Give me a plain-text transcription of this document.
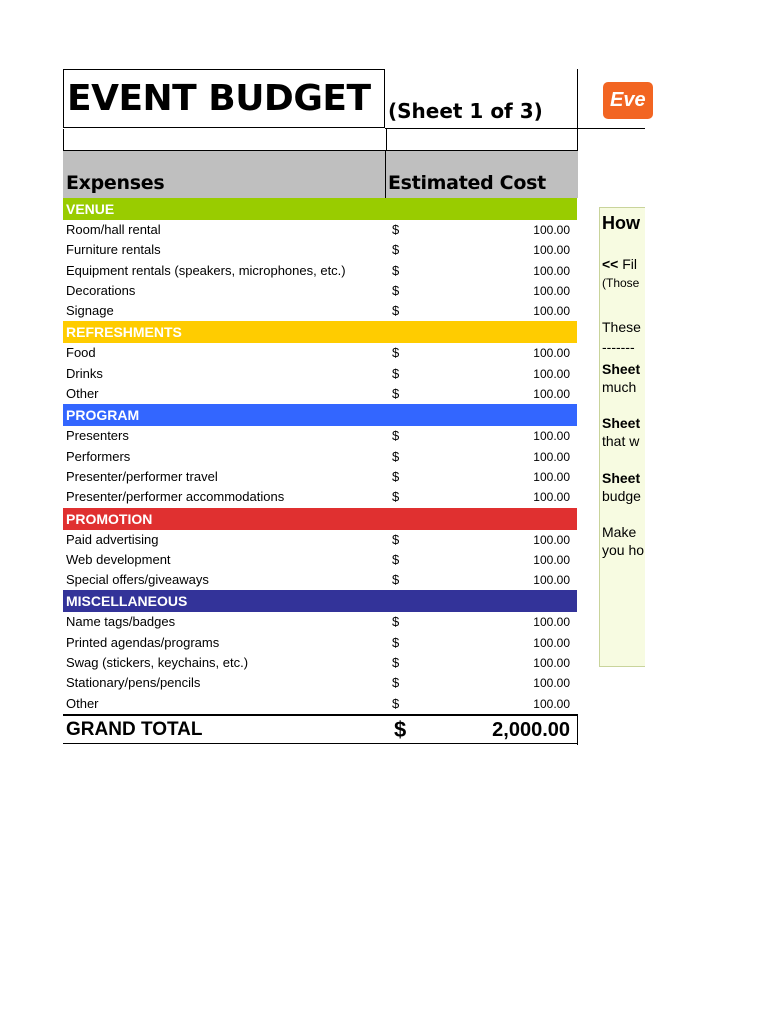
EVENT BUDGET (Sheet 1 of 3)
Expenses	Estimated Cost
VENUE
Room/hall rental	$	100.00
Furniture rentals	$	100.00
Equipment rentals (speakers, microphones, etc.)	$	100.00
Decorations	$	100.00
Signage	$	100.00
REFRESHMENTS
Food	$	100.00
Drinks	$	100.00
Other	$	100.00
PROGRAM
Presenters	$	100.00
Performers	$	100.00
Presenter/performer travel	$	100.00
Presenter/performer accommodations	$	100.00
PROMOTION
Paid advertising	$	100.00
Web development	$	100.00
Special offers/giveaways	$	100.00
MISCELLANEOUS
Name tags/badges	$	100.00
Printed agendas/programs	$	100.00
Swag (stickers, keychains, etc.)	$	100.00
Stationary/pens/pencils	$	100.00
Other	$	100.00
GRAND TOTAL	$	2,000.00
Eve
How
<< Fil
(Those
These
-------
Sheet
much
Sheet
that w
Sheet
budge
Make
you ho
